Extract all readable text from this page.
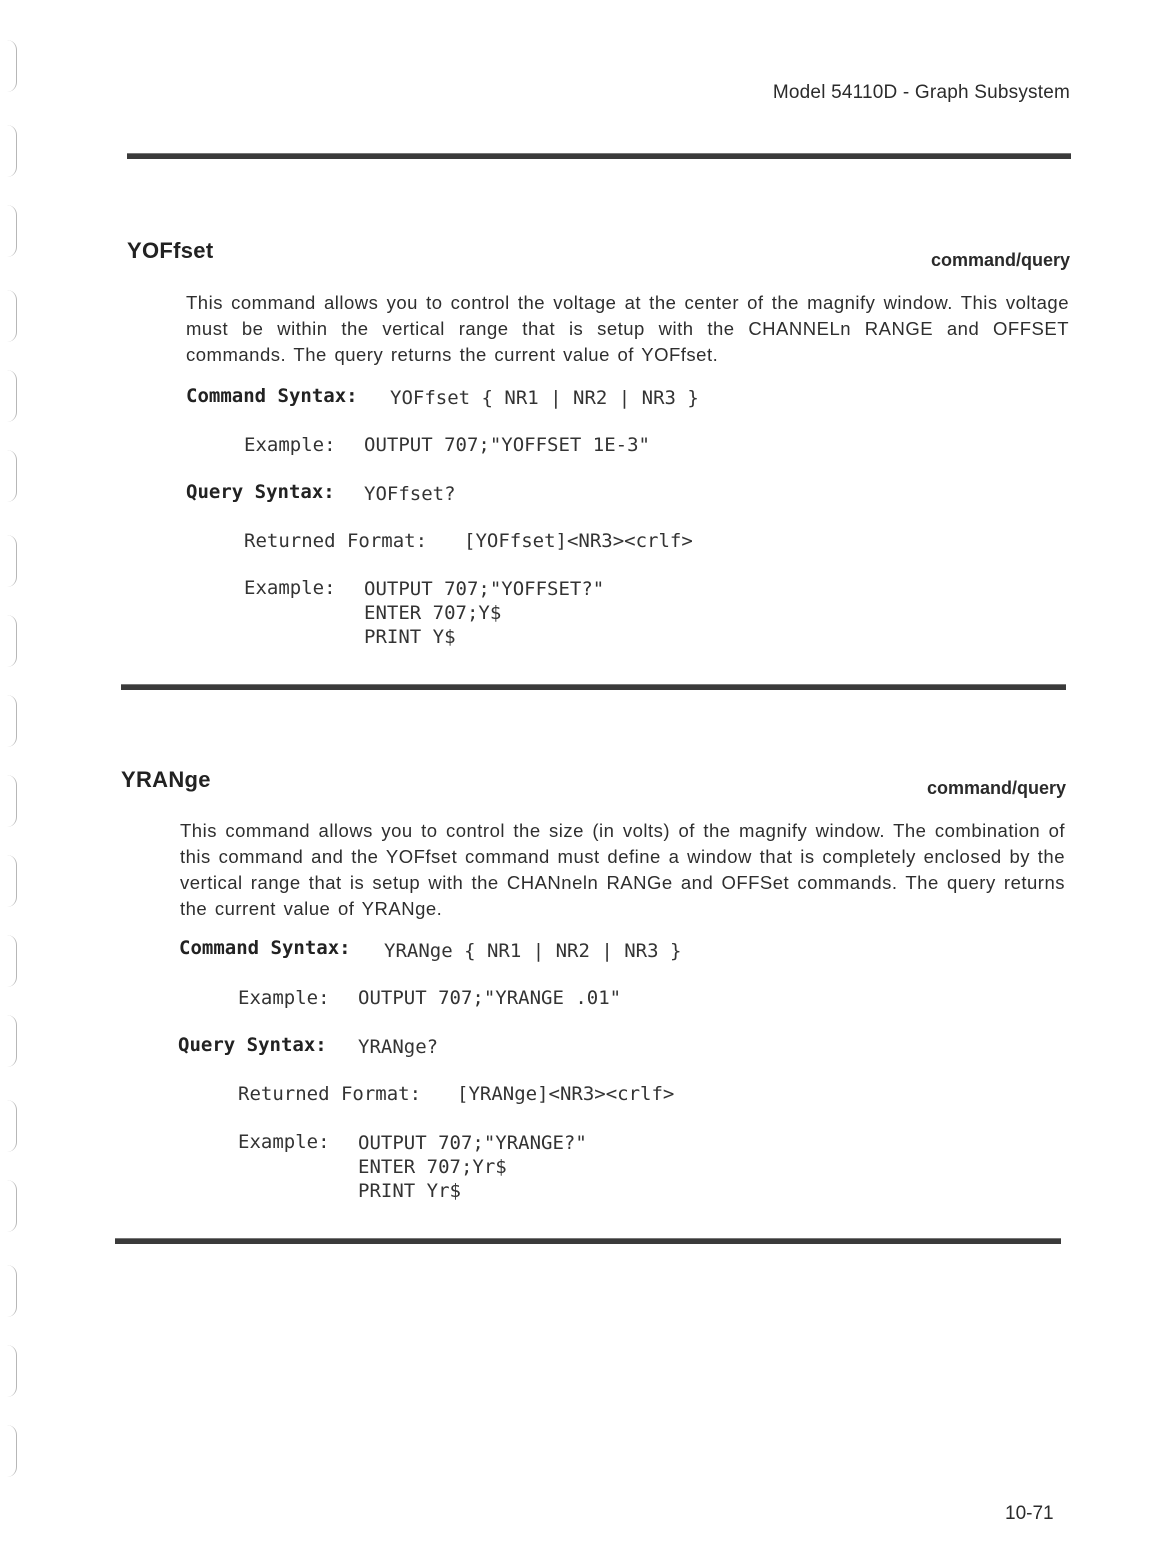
Model 54110D - Graph Subsystem
YOFfset	command/query
This command allows you to control the voltage at the center of the magnify window. This voltage must be within the vertical range that is setup with the CHANNELn RANGE and OFFSET commands. The query returns the current value of YOFfset.
Command Syntax: YOFfset { NR1 | NR2 | NR3 }
Example: OUTPUT 707;"YOFFSET 1E-3"
Query Syntax: YOFfset?
Returned Format: [YOFfset]<NR3><crlf>
Example: OUTPUT 707;"YOFFSET?"
ENTER 707;Y$
PRINT Y$
YRANge	command/query
This command allows you to control the size (in volts) of the magnify window. The combination of this command and the YOFfset command must define a window that is completely enclosed by the vertical range that is setup with the CHANneln RANGe and OFFSet commands. The query returns the current value of YRANge.
Command Syntax: YRANge { NR1 | NR2 | NR3 }
Example: OUTPUT 707;"YRANGE .01"
Query Syntax: YRANge?
Returned Format: [YRANge]<NR3><crlf>
Example: OUTPUT 707;"YRANGE?"
ENTER 707;Yr$
PRINT Yr$
10-71
